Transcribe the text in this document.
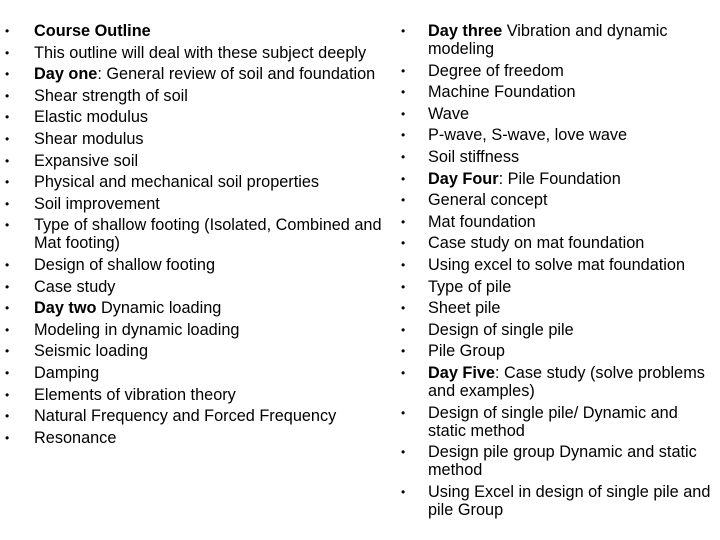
• Course Outline
• This outline will deal with these subject deeply
• Day one: General review of soil and foundation
• Shear strength of soil
• Elastic modulus
• Shear modulus
• Expansive soil
• Physical and mechanical soil properties
• Soil improvement
• Type of shallow footing (Isolated, Combined and Mat footing)
• Design of shallow footing
• Case study
• Day two Dynamic loading
• Modeling in dynamic loading
• Seismic loading
• Damping
• Elements of vibration theory
• Natural Frequency and Forced Frequency
• Resonance
• Day three Vibration and dynamic modeling
• Degree of freedom
• Machine Foundation
• Wave
• P-wave, S-wave, love wave
• Soil stiffness
• Day Four: Pile Foundation
• General concept
• Mat foundation
• Case study on mat foundation
• Using excel to solve mat foundation
• Type of pile
• Sheet pile
• Design of single pile
• Pile Group
• Day Five: Case study (solve problems and examples)
• Design of single pile/ Dynamic and static method
• Design pile group Dynamic and static method
• Using Excel in design of single pile and pile Group
